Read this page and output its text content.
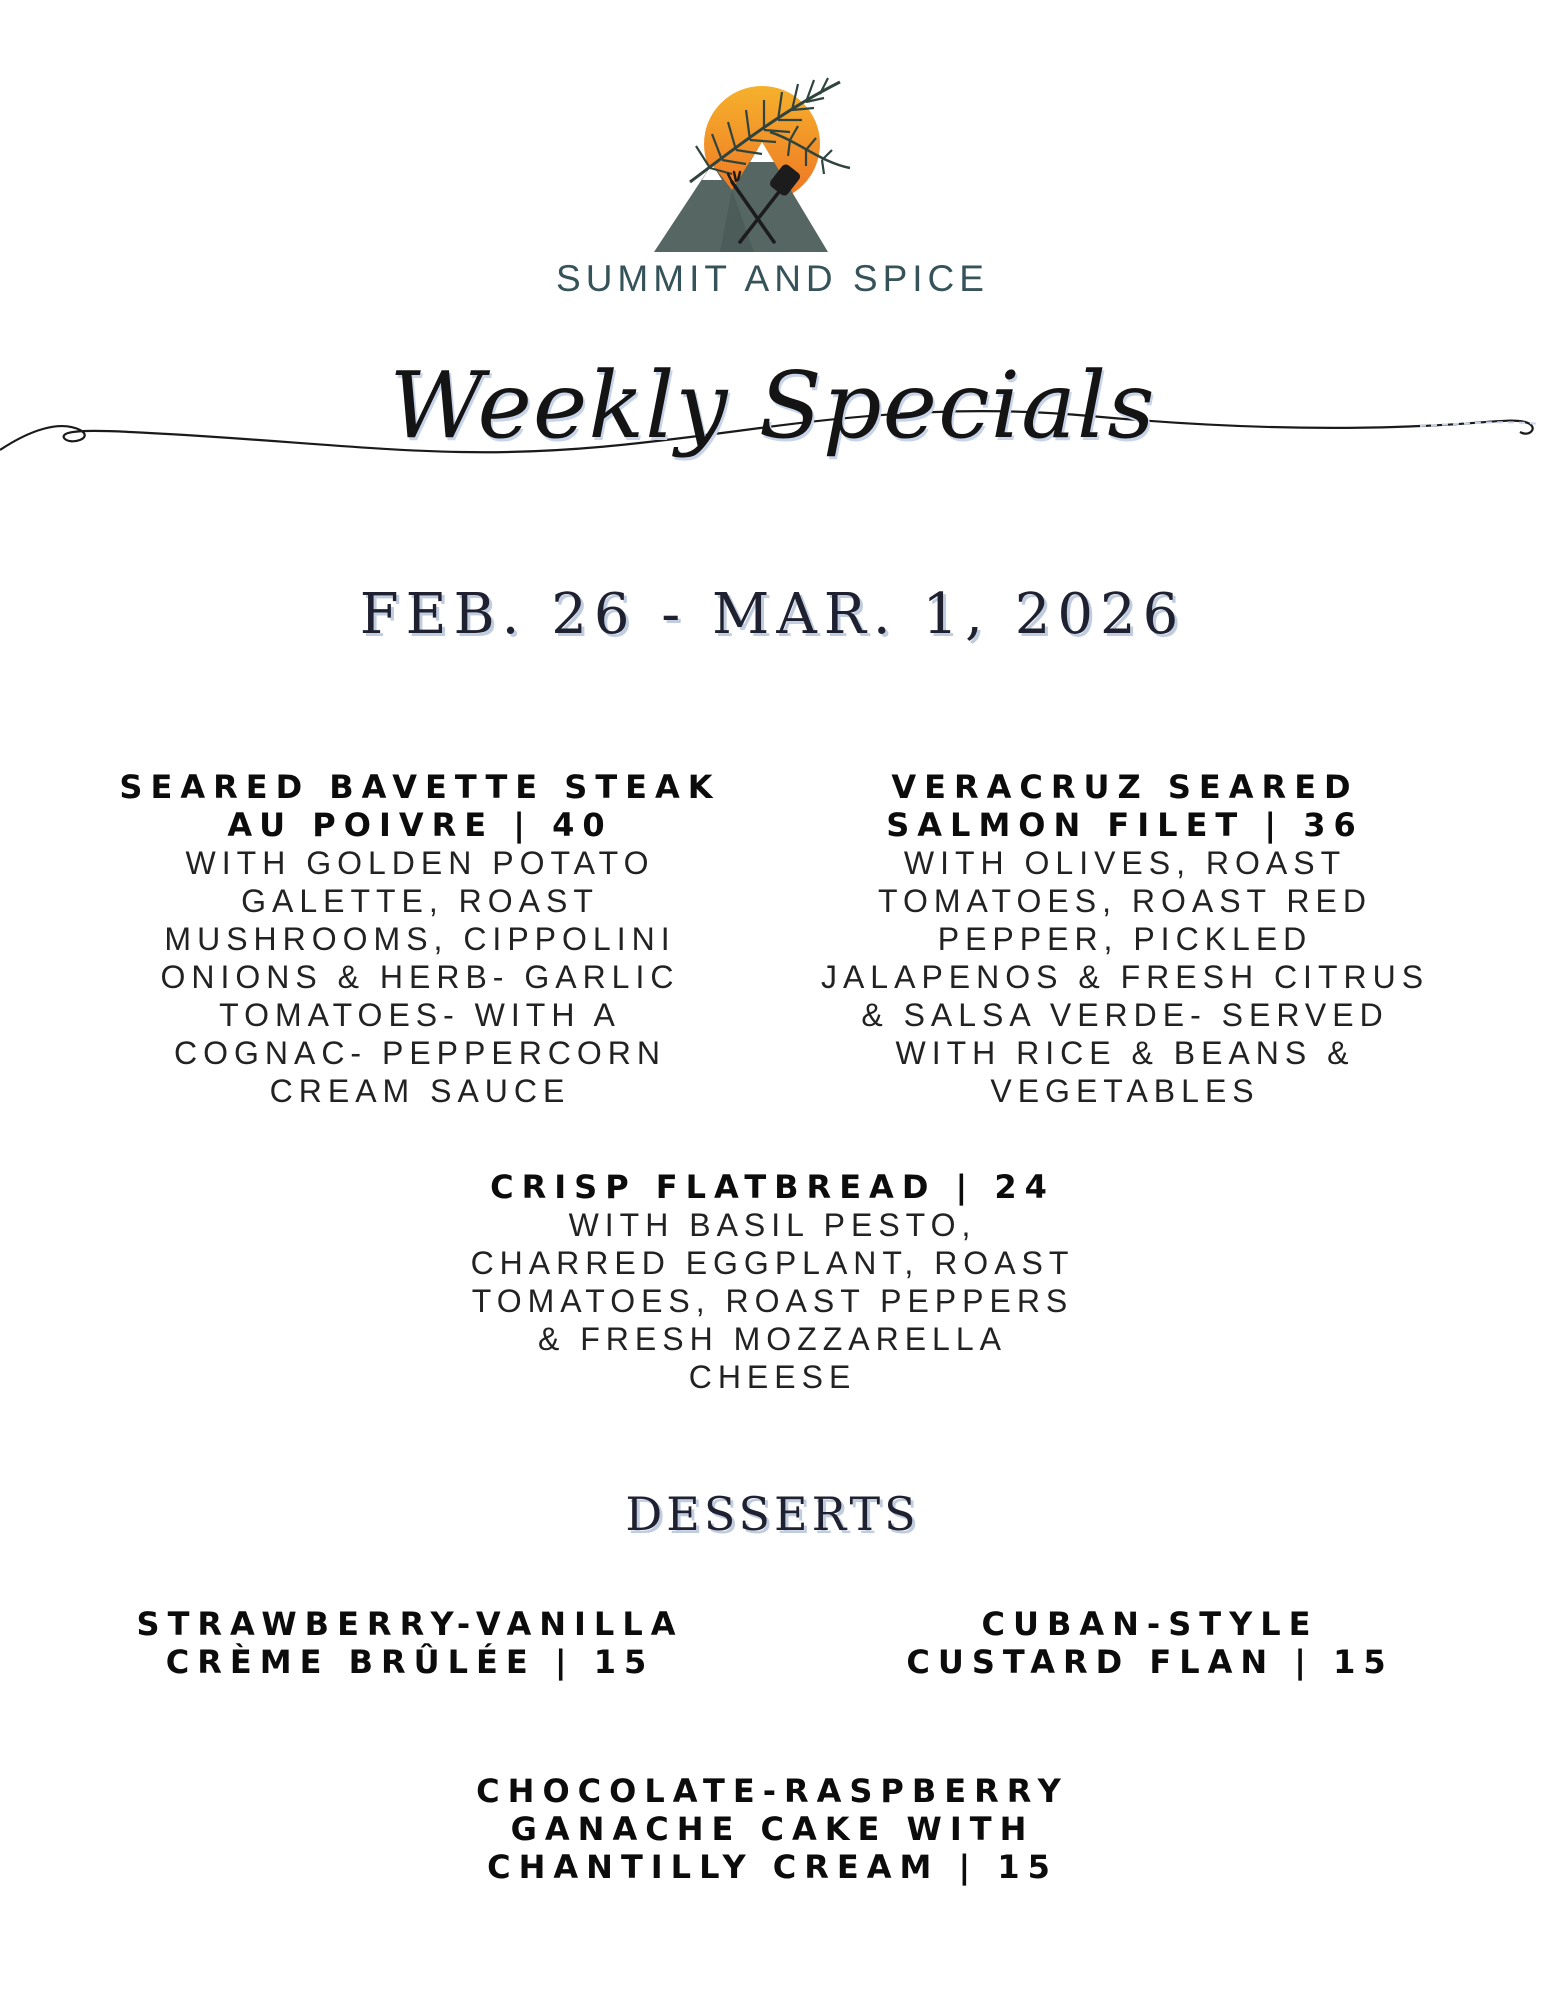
SUMMIT AND SPICE
Weekly Specials
FEB. 26 - MAR. 1, 2026
SEARED BAVETTE STEAK
AU POIVRE | 40
WITH GOLDEN POTATO
GALETTE, ROAST
MUSHROOMS, CIPPOLINI
ONIONS & HERB- GARLIC
TOMATOES- WITH A
COGNAC- PEPPERCORN
CREAM SAUCE
VERACRUZ SEARED
SALMON FILET | 36
WITH OLIVES, ROAST
TOMATOES, ROAST RED
PEPPER, PICKLED
JALAPENOS & FRESH CITRUS
& SALSA VERDE- SERVED
WITH RICE & BEANS &
VEGETABLES
CRISP FLATBREAD | 24
WITH BASIL PESTO,
CHARRED EGGPLANT, ROAST
TOMATOES, ROAST PEPPERS
& FRESH MOZZARELLA
CHEESE
DESSERTS
STRAWBERRY-VANILLA
CRÈME BRÛLÉE | 15
CUBAN-STYLE
CUSTARD FLAN | 15
CHOCOLATE-RASPBERRY
GANACHE CAKE WITH
CHANTILLY CREAM | 15
